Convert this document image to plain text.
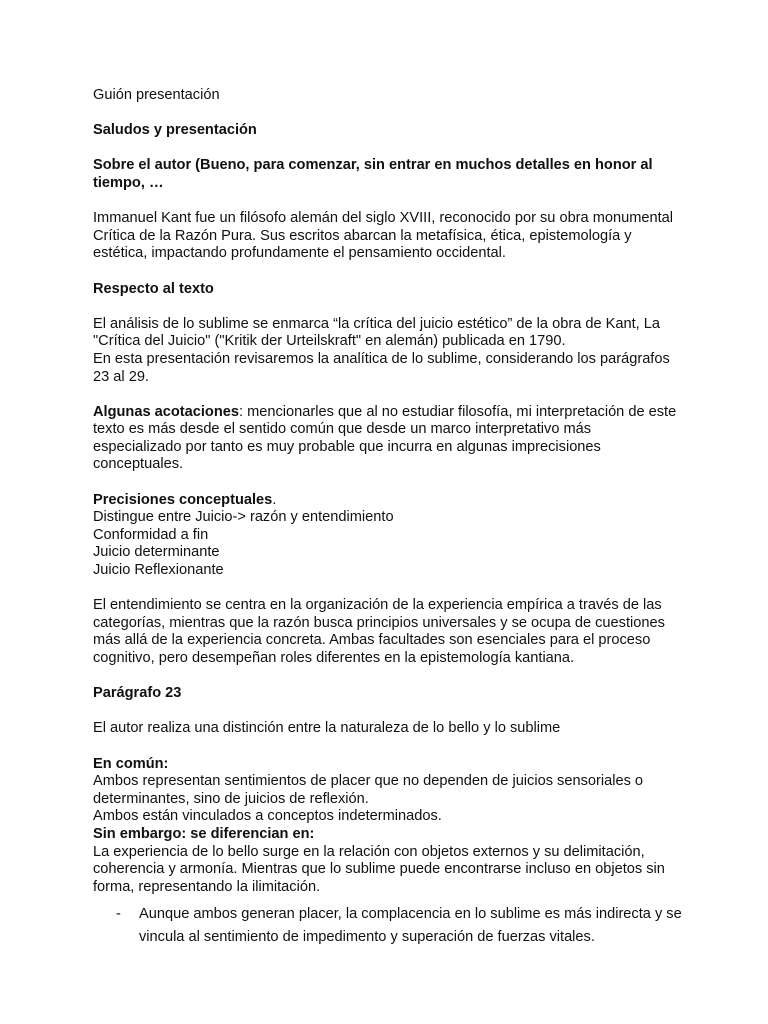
Guión presentación

Saludos y presentación

Sobre el autor (Bueno, para comenzar, sin entrar en muchos detalles en honor al tiempo, …

Immanuel Kant fue un filósofo alemán del siglo XVIII, reconocido por su obra monumental Crítica de la Razón Pura. Sus escritos abarcan la metafísica, ética, epistemología y estética, impactando profundamente el pensamiento occidental.

Respecto al texto

El análisis de lo sublime se enmarca “la crítica del juicio estético” de la obra de Kant, La "Crítica del Juicio" ("Kritik der Urteilskraft" en alemán) publicada en 1790.

En esta presentación revisaremos la analítica de lo sublime, considerando los parágrafos 23 al 29.

Algunas acotaciones: mencionarles que al no estudiar filosofía, mi interpretación de este texto es más desde el sentido común que desde un marco interpretativo más especializado por tanto es muy probable que incurra en algunas imprecisiones conceptuales.

Precisiones conceptuales.

Distingue entre Juicio-> razón y entendimiento

Conformidad a fin

Juicio determinante

Juicio Reflexionante

El entendimiento se centra en la organización de la experiencia empírica a través de las categorías, mientras que la razón busca principios universales y se ocupa de cuestiones más allá de la experiencia concreta. Ambas facultades son esenciales para el proceso cognitivo, pero desempeñan roles diferentes en la epistemología kantiana.

Parágrafo 23

El autor realiza una distinción entre la naturaleza de lo bello y lo sublime

En común:

Ambos representan sentimientos de placer que no dependen de juicios sensoriales o determinantes, sino de juicios de reflexión.

Ambos están vinculados a conceptos indeterminados.

Sin embargo: se diferencian en:

La experiencia de lo bello surge en la relación con objetos externos y su delimitación, coherencia y armonía. Mientras que lo sublime puede encontrarse incluso en objetos sin forma, representando la ilimitación.

- Aunque ambos generan placer, la complacencia en lo sublime es más indirecta y se vincula al sentimiento de impedimento y superación de fuerzas vitales.
